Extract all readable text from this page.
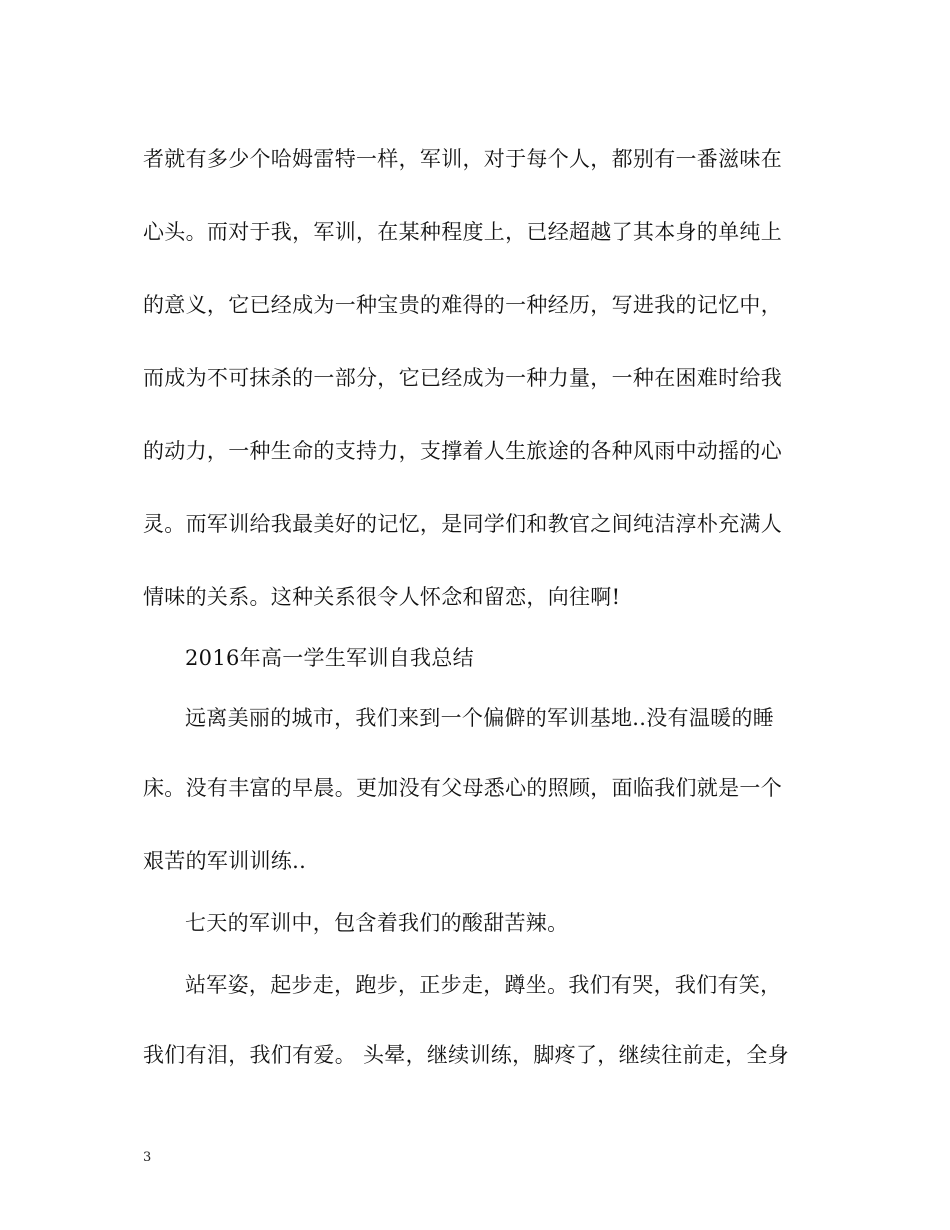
者就有多少个哈姆雷特一样，军训，对于每个人，都别有一番滋味在
心头。而对于我，军训，在某种程度上，已经超越了其本身的单纯上
的意义，它已经成为一种宝贵的难得的一种经历，写进我的记忆中，
而成为不可抹杀的一部分，它已经成为一种力量，一种在困难时给我
的动力，一种生命的支持力，支撑着人生旅途的各种风雨中动摇的心
灵。而军训给我最美好的记忆，是同学们和教官之间纯洁淳朴充满人
情味的关系。这种关系很令人怀念和留恋，向往啊!
2016年高一学生军训自我总结
远离美丽的城市，我们来到一个偏僻的军训基地..没有温暖的睡
床。没有丰富的早晨。更加没有父母悉心的照顾，面临我们就是一个
艰苦的军训训练..
七天的军训中，包含着我们的酸甜苦辣。
站军姿，起步走，跑步，正步走，蹲坐。我们有哭，我们有笑，
我们有泪，我们有爱。 头晕，继续训练，脚疼了，继续往前走，全身
3
